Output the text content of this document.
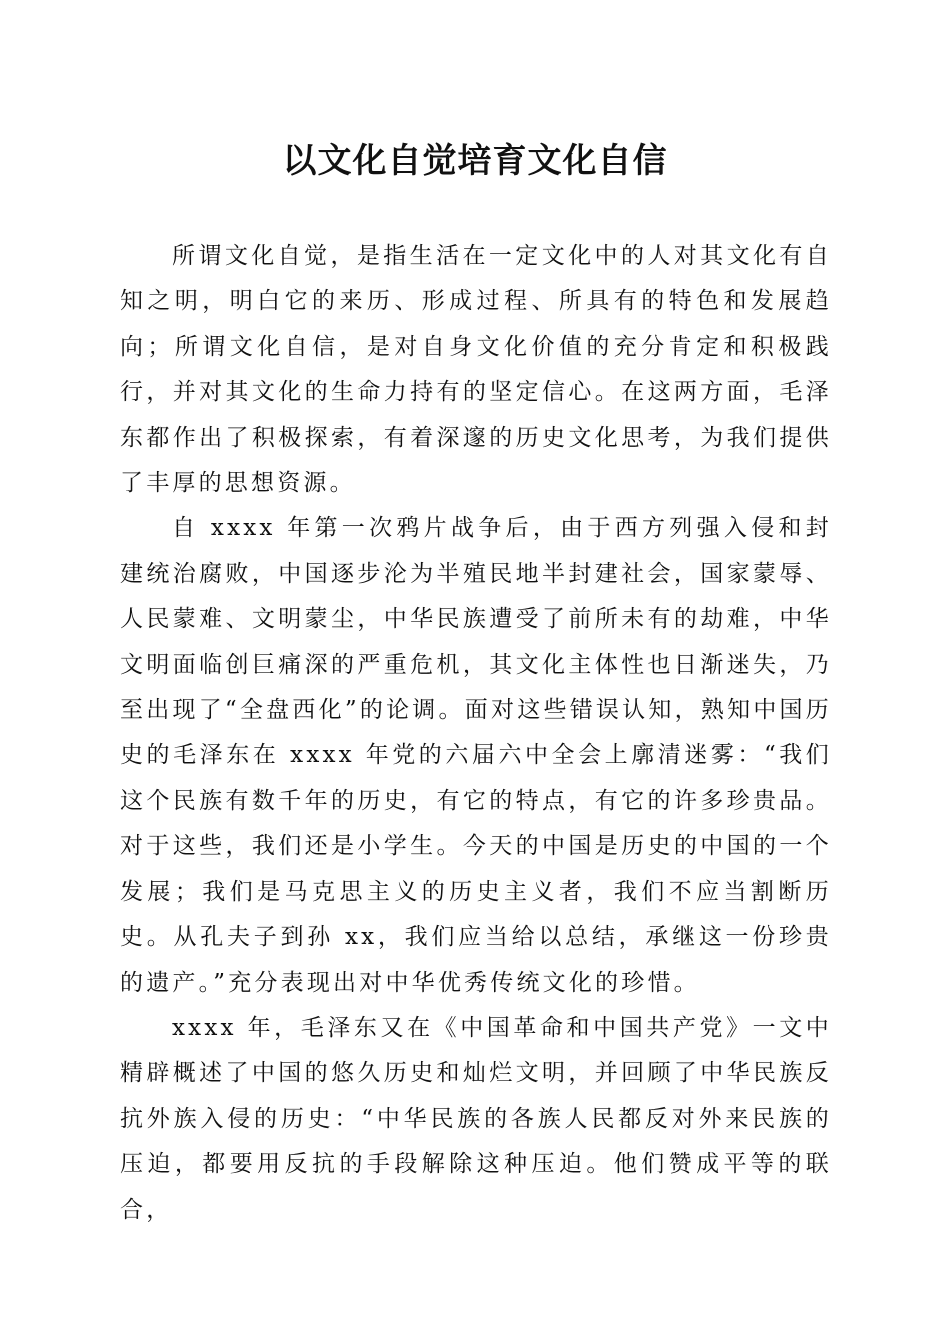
以文化自觉培育文化自信

所谓文化自觉，是指生活在一定文化中的人对其文化有自知之明，明白它的来历、形成过程、所具有的特色和发展趋向；所谓文化自信，是对自身文化价值的充分肯定和积极践行，并对其文化的生命力持有的坚定信心。在这两方面，毛泽东都作出了积极探索，有着深邃的历史文化思考，为我们提供了丰厚的思想资源。

自 xxxx 年第一次鸦片战争后，由于西方列强入侵和封建统治腐败，中国逐步沦为半殖民地半封建社会，国家蒙辱、人民蒙难、文明蒙尘，中华民族遭受了前所未有的劫难，中华文明面临创巨痛深的严重危机，其文化主体性也日渐迷失，乃至出现了“全盘西化”的论调。面对这些错误认知，熟知中国历史的毛泽东在 xxxx 年党的六届六中全会上廓清迷雾：“我们这个民族有数千年的历史，有它的特点，有它的许多珍贵品。对于这些，我们还是小学生。今天的中国是历史的中国的一个发展；我们是马克思主义的历史主义者，我们不应当割断历史。从孔夫子到孙 xx，我们应当给以总结，承继这一份珍贵的遗产。”充分表现出对中华优秀传统文化的珍惜。

xxxx 年，毛泽东又在《中国革命和中国共产党》一文中精辟概述了中国的悠久历史和灿烂文明，并回顾了中华民族反抗外族入侵的历史：“中华民族的各族人民都反对外来民族的压迫，都要用反抗的手段解除这种压迫。他们赞成平等的联合，
